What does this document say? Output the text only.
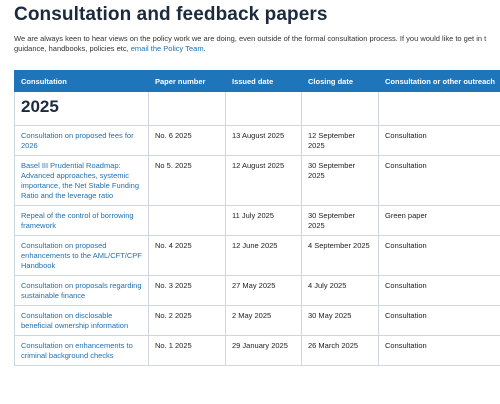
Consultation and feedback papers
We are always keen to hear views on the policy work we are doing, even outside of the formal consultation process. If you would like to get in t
guidance, handbooks, policies etc, email the Policy Team.
Consultation	Paper number	Issued date	Closing date	Consultation or other outreach
2025				
Consultation on proposed fees for 2026	No. 6 2025	13 August 2025	12 September 2025	Consultation
Basel III Prudential Roadmap: Advanced approaches, systemic importance, the Net Stable Funding Ratio and the leverage ratio	No 5. 2025	12 August 2025	30 September 2025	Consultation
Repeal of the control of borrowing framework		11 July 2025	30 September 2025	Green paper
Consultation on proposed enhancements to the AML/CFT/CPF Handbook	No. 4 2025	12 June 2025	4 September 2025	Consultation
Consultation on proposals regarding sustainable finance	No. 3 2025	27 May 2025	4 July 2025	Consultation
Consultation on disclosable beneficial ownership information	No. 2 2025	2 May 2025	30 May 2025	Consultation
Consultation on enhancements to criminal background checks	No. 1 2025	29 January 2025	26 March 2025	Consultation
